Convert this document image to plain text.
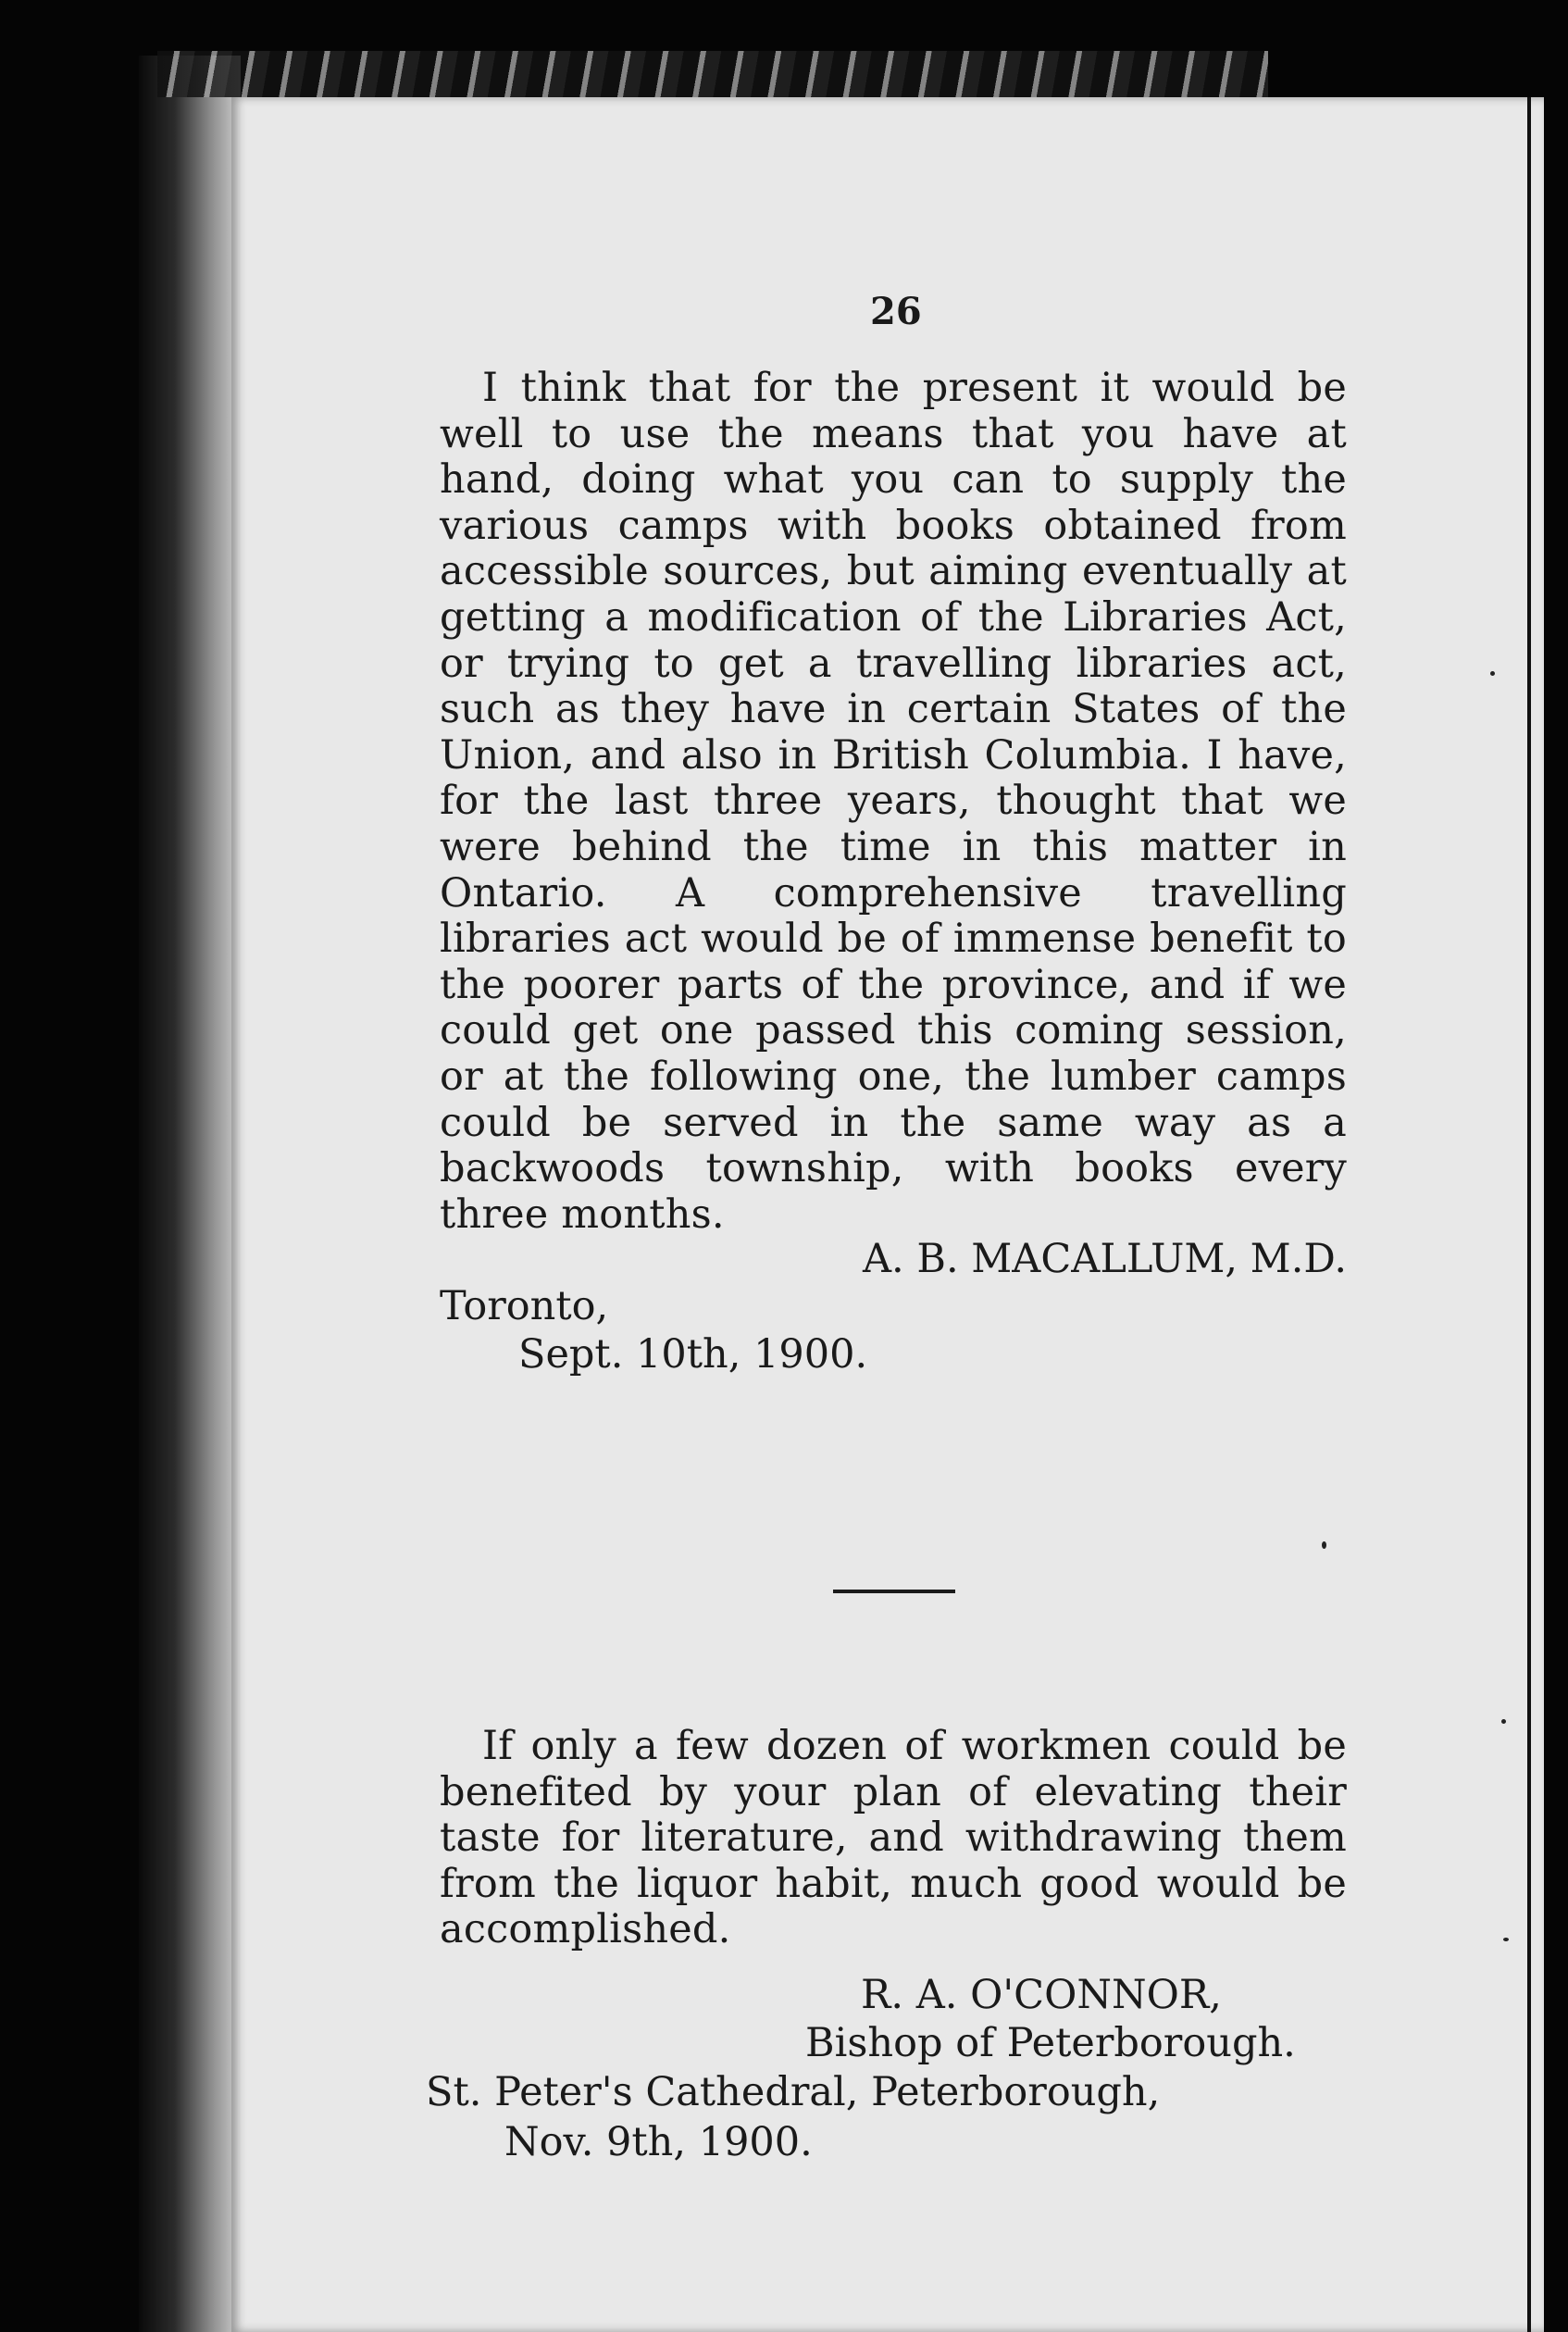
26

I think that for the present it would be well to use the means that you have at hand, doing what you can to supply the various camps with books obtained from accessible sources, but aiming eventually at getting a modification of the Libraries Act, or trying to get a travelling libraries act, such as they have in certain States of the Union, and also in British Columbia. I have, for the last three years, thought that we were behind the time in this matter in Ontario. A comprehensive travelling libraries act would be of immense benefit to the poorer parts of the province, and if we could get one passed this coming session, or at the following one, the lumber camps could be served in the same way as a backwoods township, with books every three months.

A. B. MACALLUM, M.D.
Toronto,
Sept. 10th, 1900.

If only a few dozen of workmen could be benefited by your plan of elevating their taste for literature, and withdrawing them from the liquor habit, much good would be accomplished.

R. A. O'CONNOR,
Bishop of Peterborough.
St. Peter's Cathedral, Peterborough,
Nov. 9th, 1900.
